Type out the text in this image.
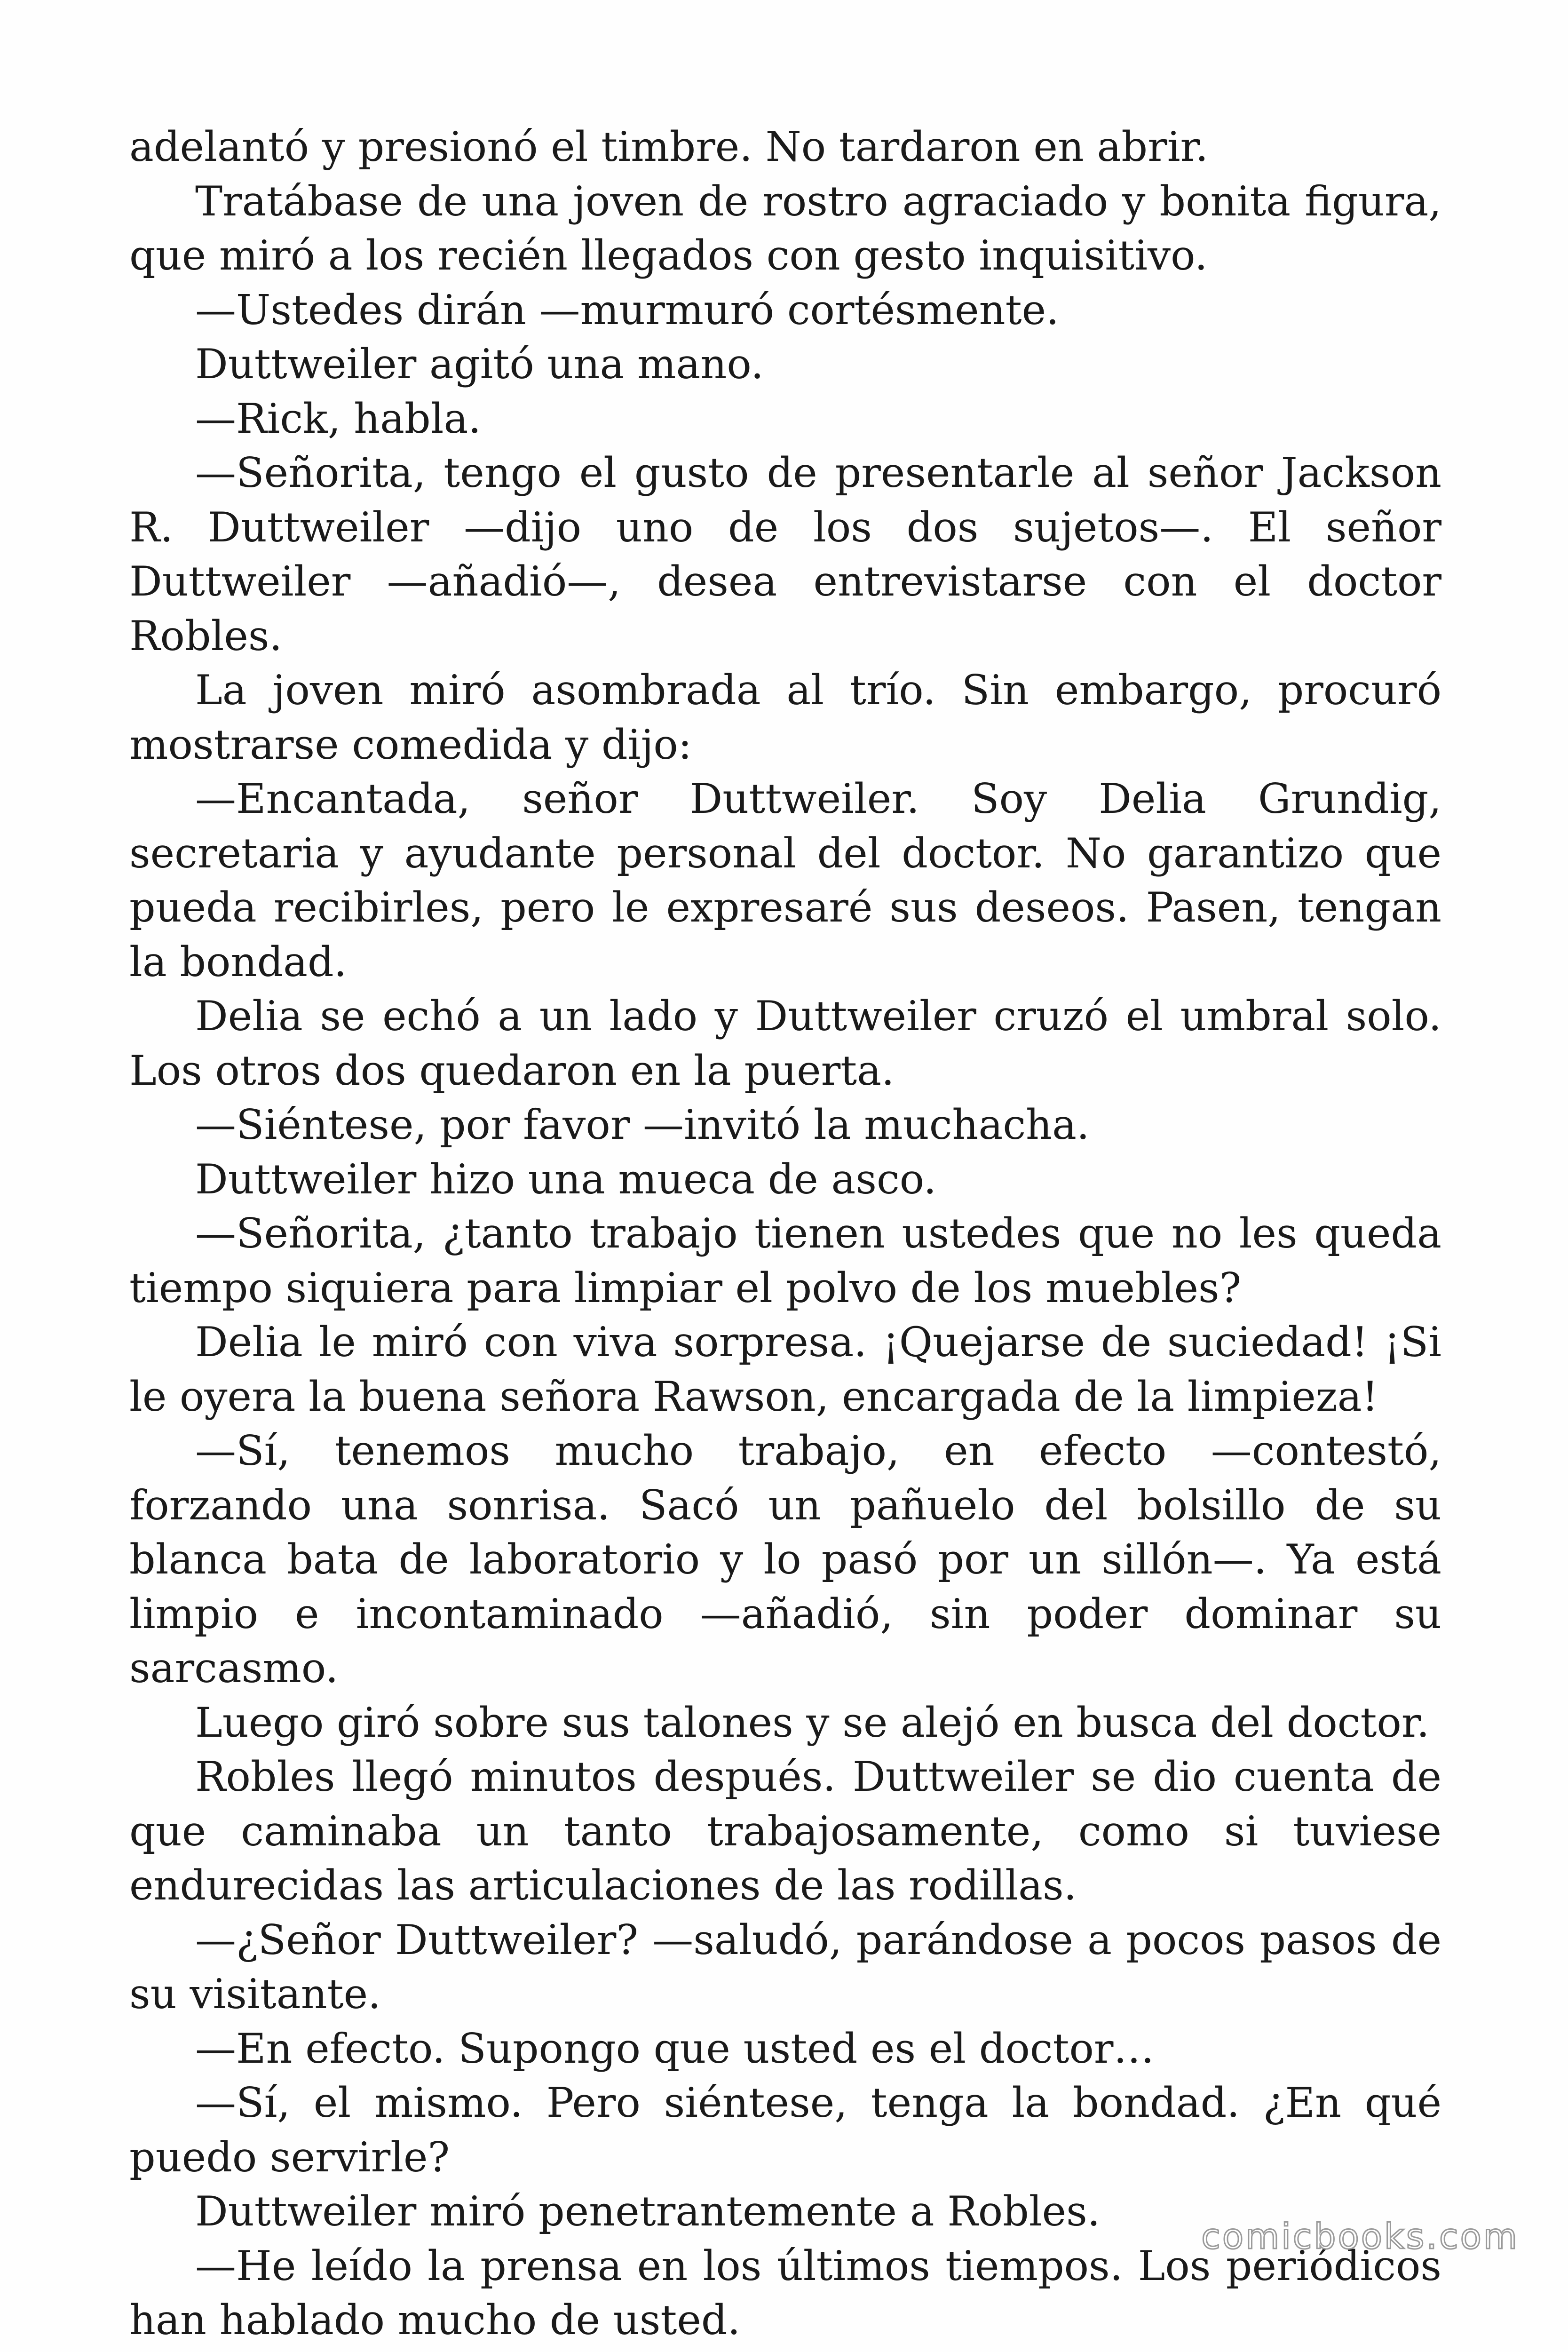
adelantó y presionó el timbre. No tardaron en abrir.

Tratábase de una joven de rostro agraciado y bonita figura, que miró a los recién llegados con gesto inquisitivo.

—Ustedes dirán —murmuró cortésmente.

Duttweiler agitó una mano.

—Rick, habla.

—Señorita, tengo el gusto de presentarle al señor Jackson R. Duttweiler —dijo uno de los dos sujetos—. El señor Duttweiler —añadió—, desea entrevistarse con el doctor Robles.

La joven miró asombrada al trío. Sin embargo, procuró mostrarse comedida y dijo:

—Encantada, señor Duttweiler. Soy Delia Grundig, secretaria y ayudante personal del doctor. No garantizo que pueda recibirles, pero le expresaré sus deseos. Pasen, tengan la bondad.

Delia se echó a un lado y Duttweiler cruzó el umbral solo. Los otros dos quedaron en la puerta.

—Siéntese, por favor —invitó la muchacha.

Duttweiler hizo una mueca de asco.

—Señorita, ¿tanto trabajo tienen ustedes que no les queda tiempo siquiera para limpiar el polvo de los muebles?

Delia le miró con viva sorpresa. ¡Quejarse de suciedad! ¡Si le oyera la buena señora Rawson, encargada de la limpieza!

—Sí, tenemos mucho trabajo, en efecto —contestó, forzando una sonrisa. Sacó un pañuelo del bolsillo de su blanca bata de laboratorio y lo pasó por un sillón—. Ya está limpio e incontaminado —añadió, sin poder dominar su sarcasmo.

Luego giró sobre sus talones y se alejó en busca del doctor.

Robles llegó minutos después. Duttweiler se dio cuenta de que caminaba un tanto trabajosamente, como si tuviese endurecidas las articulaciones de las rodillas.

—¿Señor Duttweiler? —saludó, parándose a pocos pasos de su visitante.

—En efecto. Supongo que usted es el doctor…

—Sí, el mismo. Pero siéntese, tenga la bondad. ¿En qué puedo servirle?

Duttweiler miró penetrantemente a Robles.

—He leído la prensa en los últimos tiempos. Los periódicos han hablado mucho de usted.

comicbooks.com
